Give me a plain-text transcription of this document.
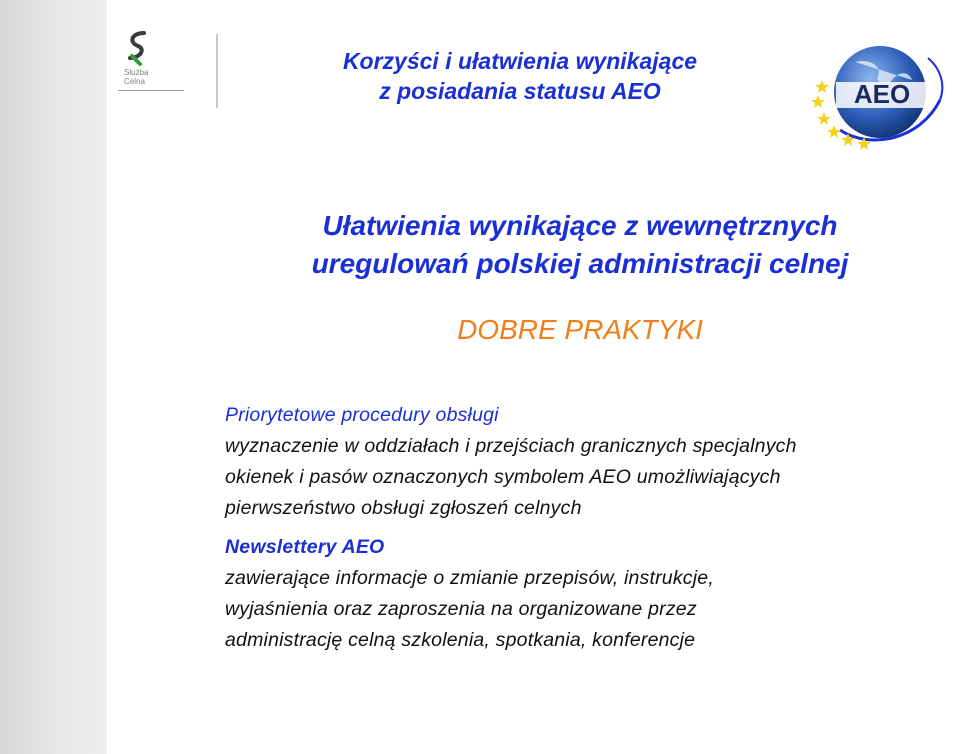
Służba
Celna
Korzyści i ułatwienia wynikające
z posiadania statusu AEO	AEO
Ułatwienia wynikające z wewnętrznych
uregulowań polskiej administracji celnej
DOBRE PRAKTYKI
Priorytetowe procedury obsługi
wyznaczenie w oddziałach i przejściach granicznych specjalnych
okienek i pasów oznaczonych symbolem AEO umożliwiających
pierwszeństwo obsługi zgłoszeń celnych
Newslettery AEO
zawierające informacje o zmianie przepisów, instrukcje,
wyjaśnienia oraz zaproszenia na organizowane przez
administrację celną szkolenia, spotkania, konferencje
